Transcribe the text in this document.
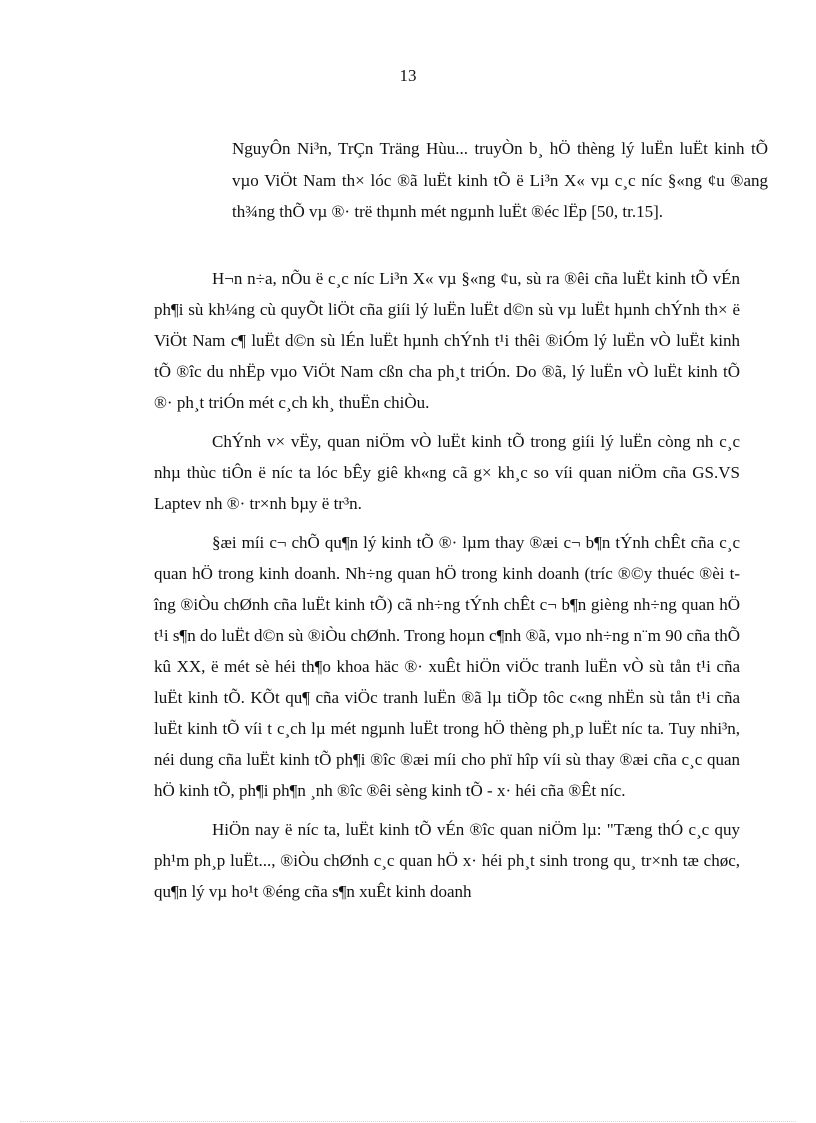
13
NguyÔn Ni³n, TrÇn Träng Hùu... truyÒn b¸ hÖ thèng lý luËn luËt kinh tÕ vµo ViÖt Nam th× lóc ®ã luËt kinh tÕ ë Li³n X« vµ c¸c níc §«ng ¢u ®ang th¾ng thÕ vµ ®· trë thµnh mét ngµnh luËt ®éc lËp [50, tr.15].

H¬n n÷a, nÕu ë c¸c níc Li³n X« vµ §«ng ¢u, sù ra ®êi cña luËt kinh tÕ vÉn ph¶i sù kh¼ng cù quyÕt liÖt cña giíi lý luËn luËt d©n sù vµ luËt hµnh chÝnh th× ë ViÖt Nam c¶ luËt d©n sù lÉn luËt hµnh chÝnh t¹i thêi ®iÓm lý luËn vÒ luËt kinh tÕ ®îc du nhËp vµo ViÖt Nam cßn cha ph¸t triÓn. Do ®ã, lý luËn vÒ luËt kinh tÕ ®· ph¸t triÓn mét c¸ch kh¸ thuËn chiÒu.

ChÝnh v× vËy, quan niÖm vÒ luËt kinh tÕ trong giíi lý luËn còng nh c¸c nhµ thùc tiÔn ë níc ta lóc bÊy giê kh«ng cã g× kh¸c so víi quan niÖm cña GS.VS Laptev nh ®· tr×nh bµy ë tr³n.

§æi míi c¬ chÕ qu¶n lý kinh tÕ ®· lµm thay ®æi c¬ b¶n tÝnh chÊt cña c¸c quan hÖ trong kinh doanh. Nh÷ng quan hÖ trong kinh doanh (tríc ®©y thuéc ®èi tîng ®iÒu chØnh cña luËt kinh tÕ) cã nh÷ng tÝnh chÊt c¬ b¶n gièng nh÷ng quan hÖ t¹i s¶n do luËt d©n sù ®iÒu chØnh. Trong hoµn c¶nh ®ã, vµo nh÷ng n¨m 90 cña thÕ kû XX, ë mét sè héi th¶o khoa häc ®· xuÊt hiÖn viÖc tranh luËn vÒ sù tån t¹i cña luËt kinh tÕ. KÕt qu¶ cña viÖc tranh luËn ®ã lµ tiÕp tôc c«ng nhËn sù tån t¹i cña luËt kinh tÕ víi t c¸ch lµ mét ngµnh luËt trong hÖ thèng ph¸p luËt níc ta. Tuy nhi³n, néi dung cña luËt kinh tÕ ph¶i ®îc ®æi míi cho phï hîp víi sù thay ®æi cña c¸c quan hÖ kinh tÕ, ph¶i ph¶n ¸nh ®îc ®êi sèng kinh tÕ - x· héi cña ®Êt níc.

HiÖn nay ë níc ta, luËt kinh tÕ vÉn ®îc quan niÖm lµ: "Tæng thÓ c¸c quy ph¹m ph¸p luËt..., ®iÒu chØnh c¸c quan hÖ x· héi ph¸t sinh trong qu¸ tr×nh tæ chøc, qu¶n lý vµ ho¹t ®éng cña s¶n xuÊt kinh doanh
